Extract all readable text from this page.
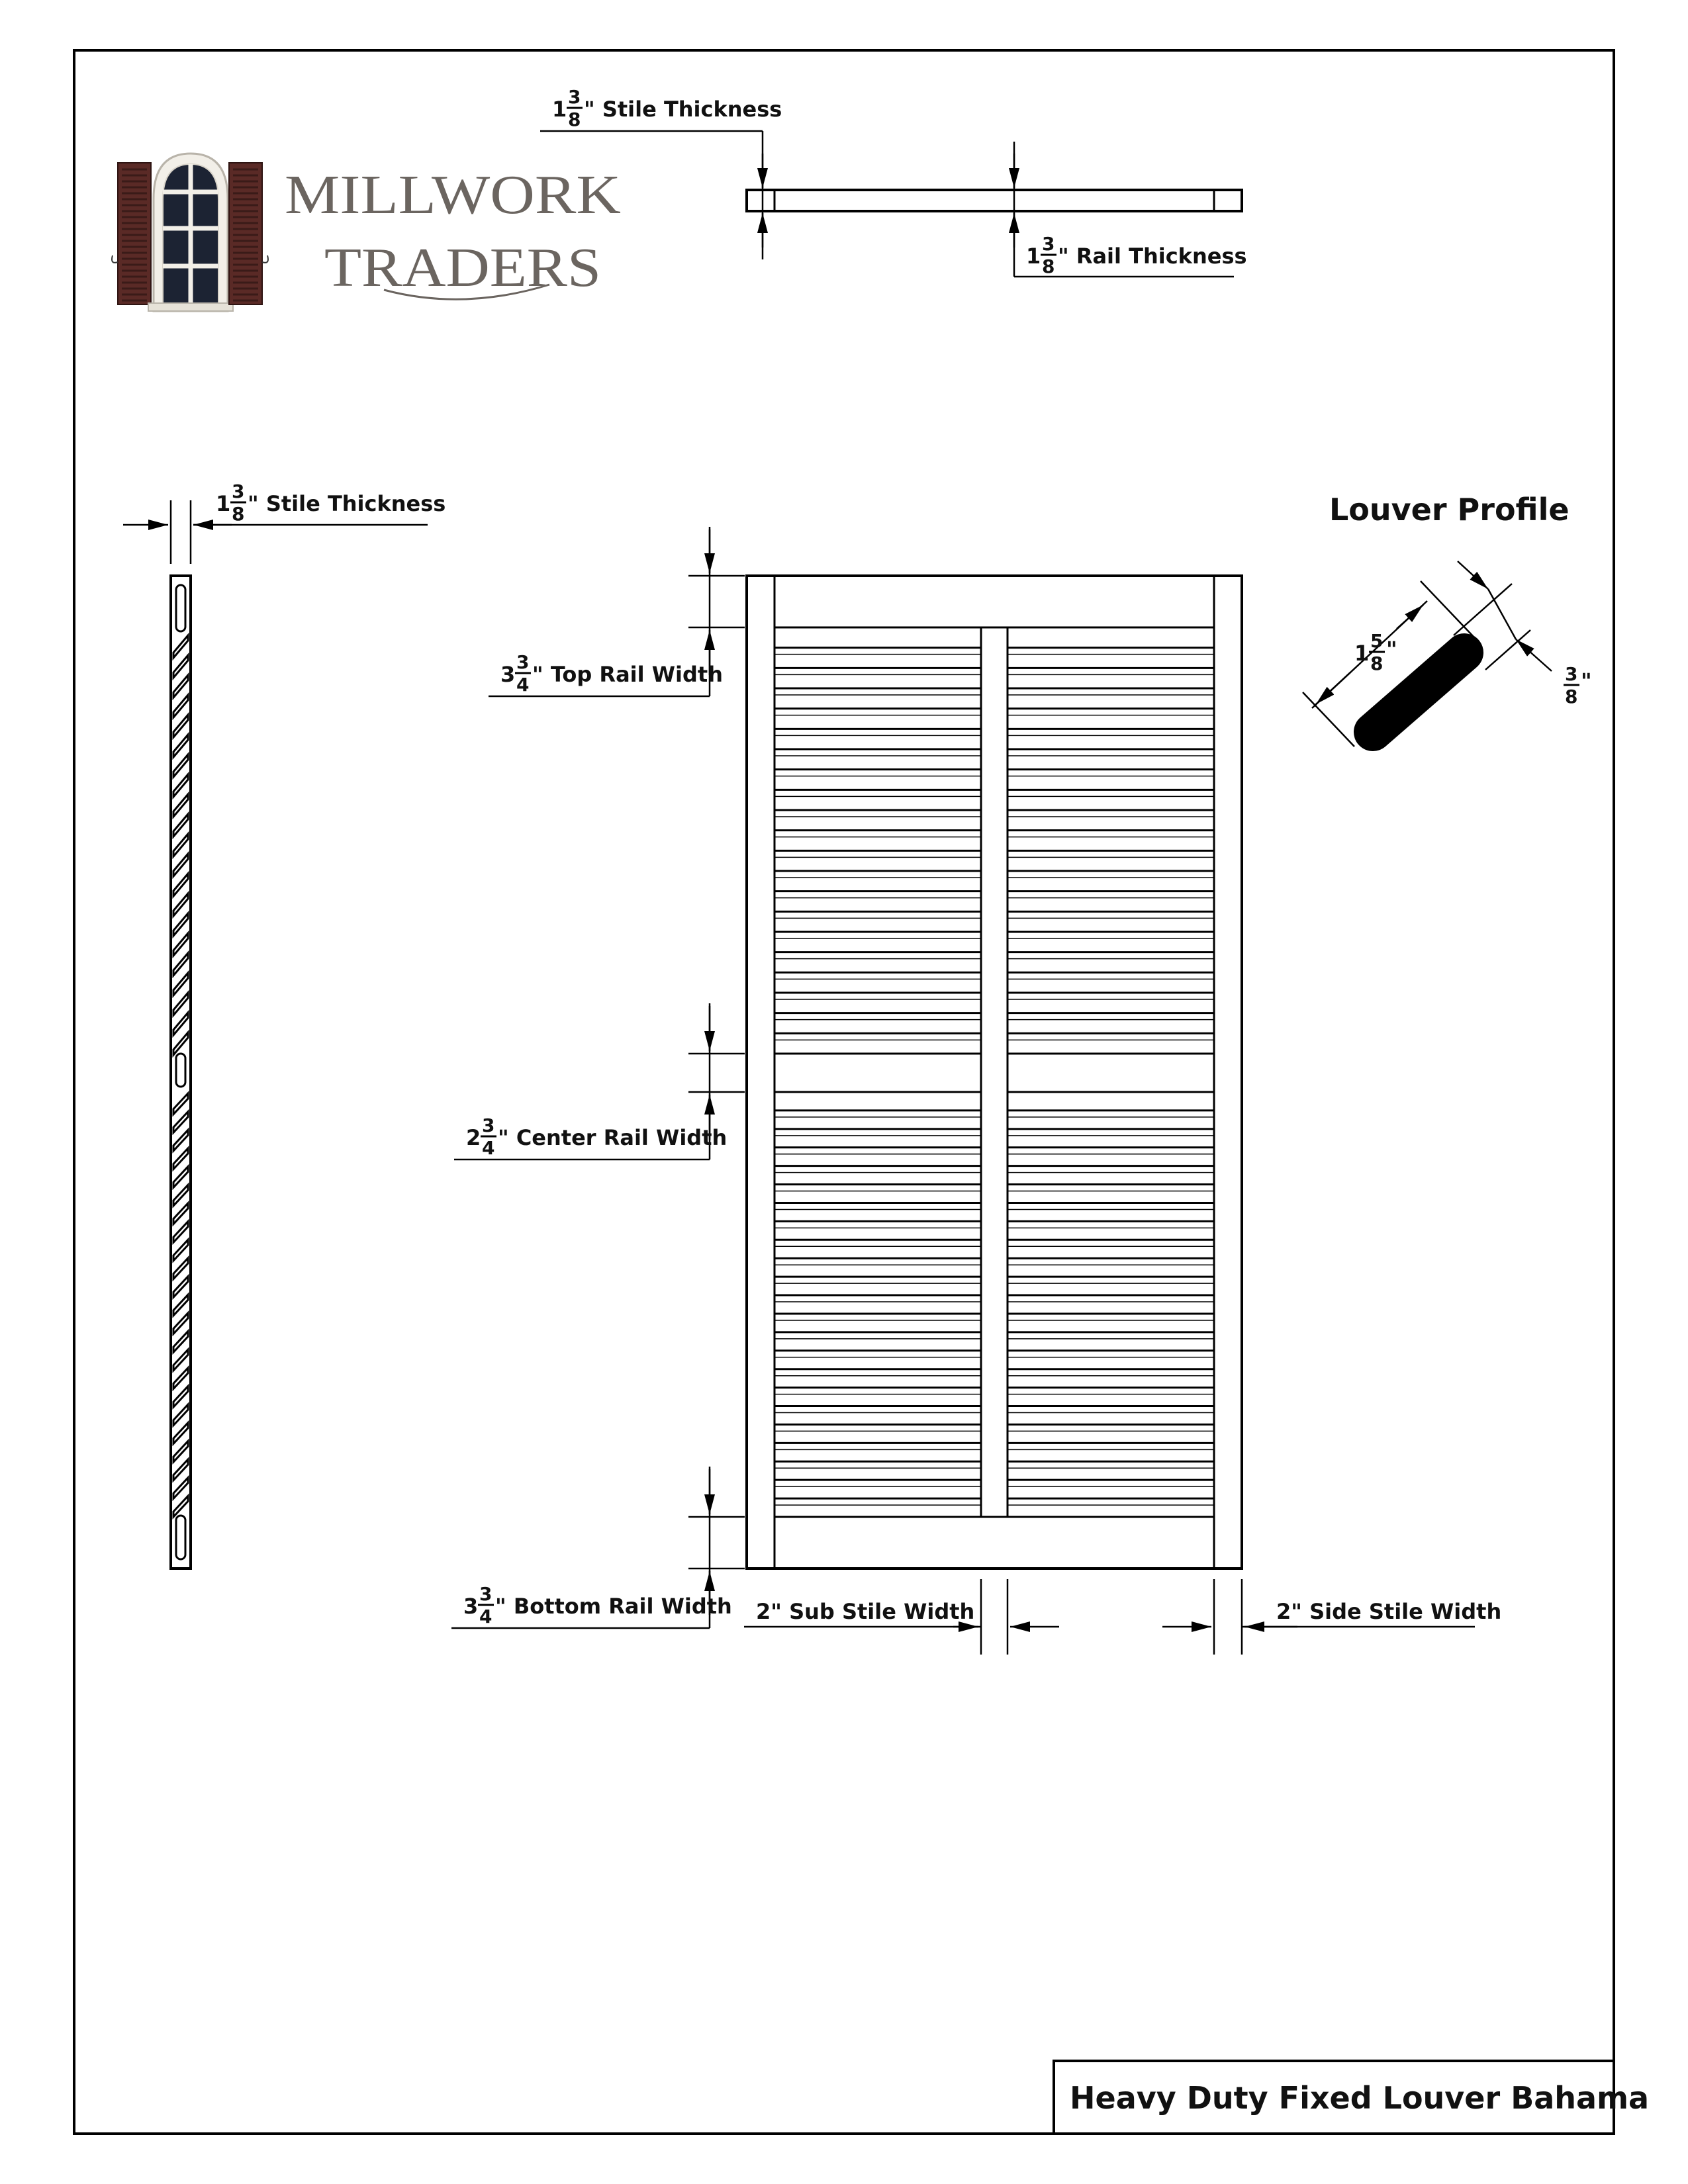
Heavy Duty Fixed Louver Bahama
MILLWORK
TRADERS
1 3
8 " Stile Thickness
1 3
8 " Rail Thickness
1 3
8 " Stile Thickness
3 3
4 " Top Rail Width
2 3
4 " Center Rail Width
3 3
4 " Bottom Rail Width 2" Sub Stile Width	2" Side Stile Width
Louver Profile
1 5
8
"
3
8
"
